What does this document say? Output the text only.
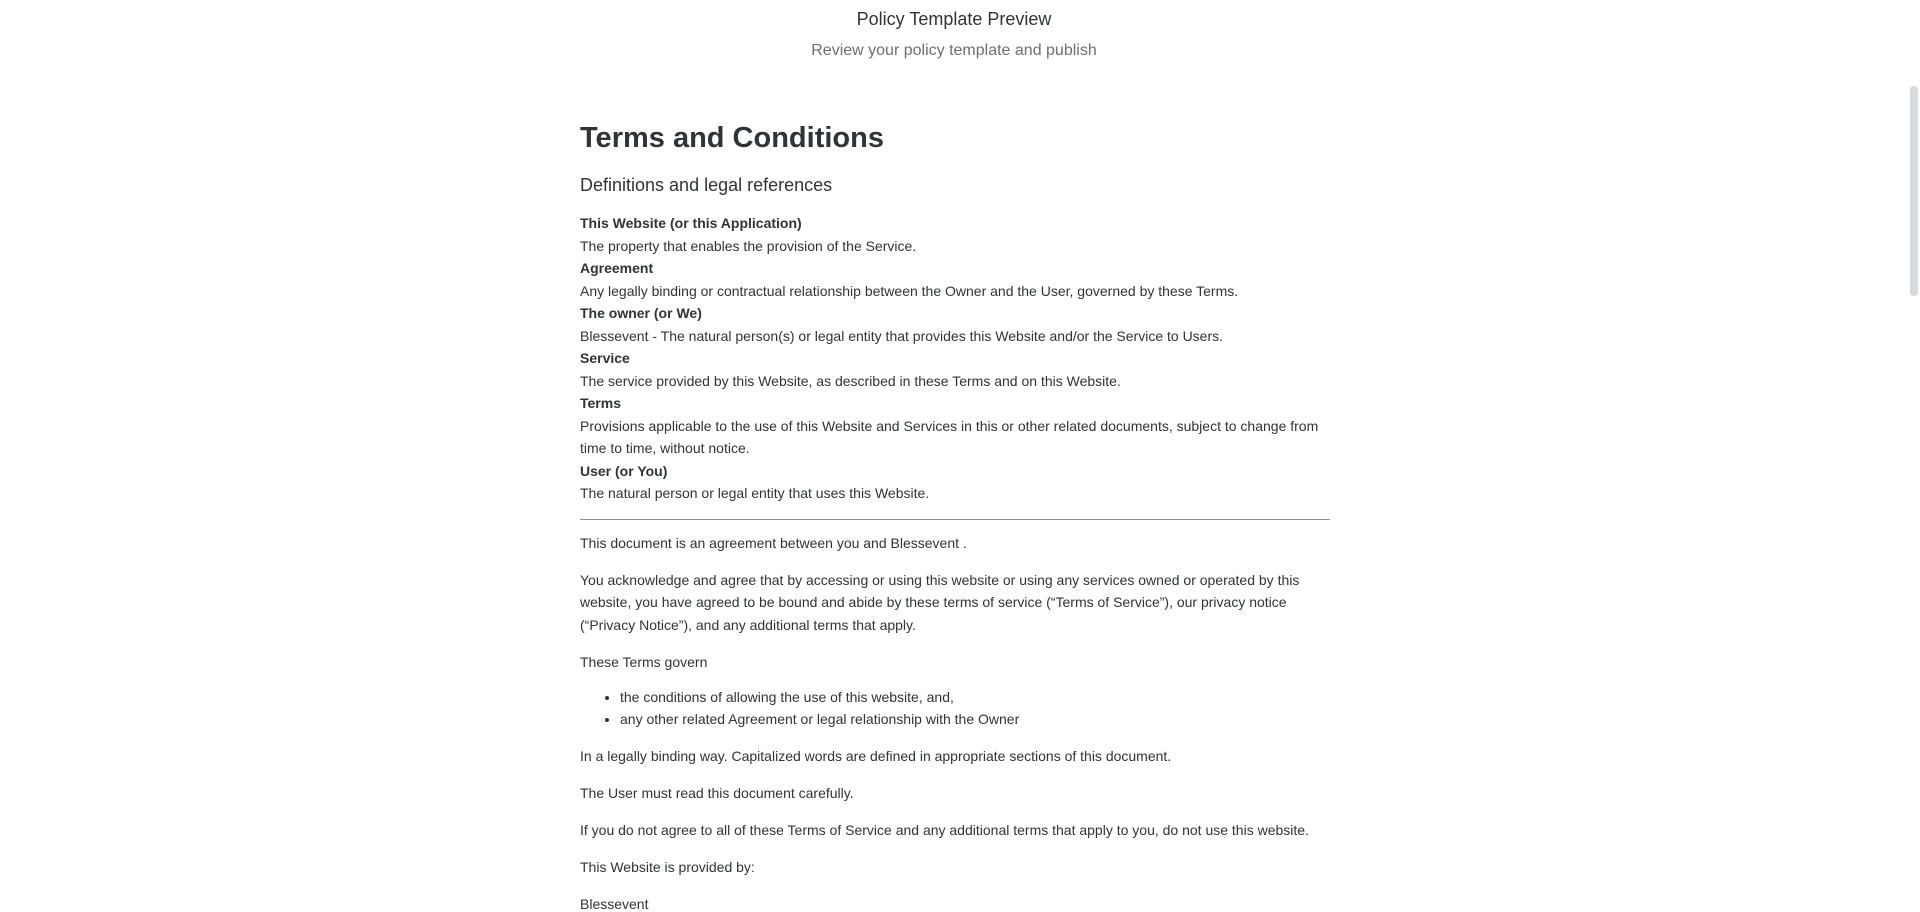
Policy Template Preview
Review your policy template and publish
Terms and Conditions
Definitions and legal references
This Website (or this Application)
The property that enables the provision of the Service.
Agreement
Any legally binding or contractual relationship between the Owner and the User, governed by these Terms.
The owner (or We)
Blessevent - The natural person(s) or legal entity that provides this Website and/or the Service to Users.
Service
The service provided by this Website, as described in these Terms and on this Website.
Terms
Provisions applicable to the use of this Website and Services in this or other related documents, subject to change from time to time, without notice.
User (or You)
The natural person or legal entity that uses this Website.

This document is an agreement between you and Blessevent .

You acknowledge and agree that by accessing or using this website or using any services owned or operated by this website, you have agreed to be bound and abide by these terms of service (“Terms of Service”), our privacy notice (“Privacy Notice”), and any additional terms that apply.

These Terms govern

• the conditions of allowing the use of this website, and,
• any other related Agreement or legal relationship with the Owner

In a legally binding way. Capitalized words are defined in appropriate sections of this document.

The User must read this document carefully.

If you do not agree to all of these Terms of Service and any additional terms that apply to you, do not use this website.

This Website is provided by:

Blessevent
